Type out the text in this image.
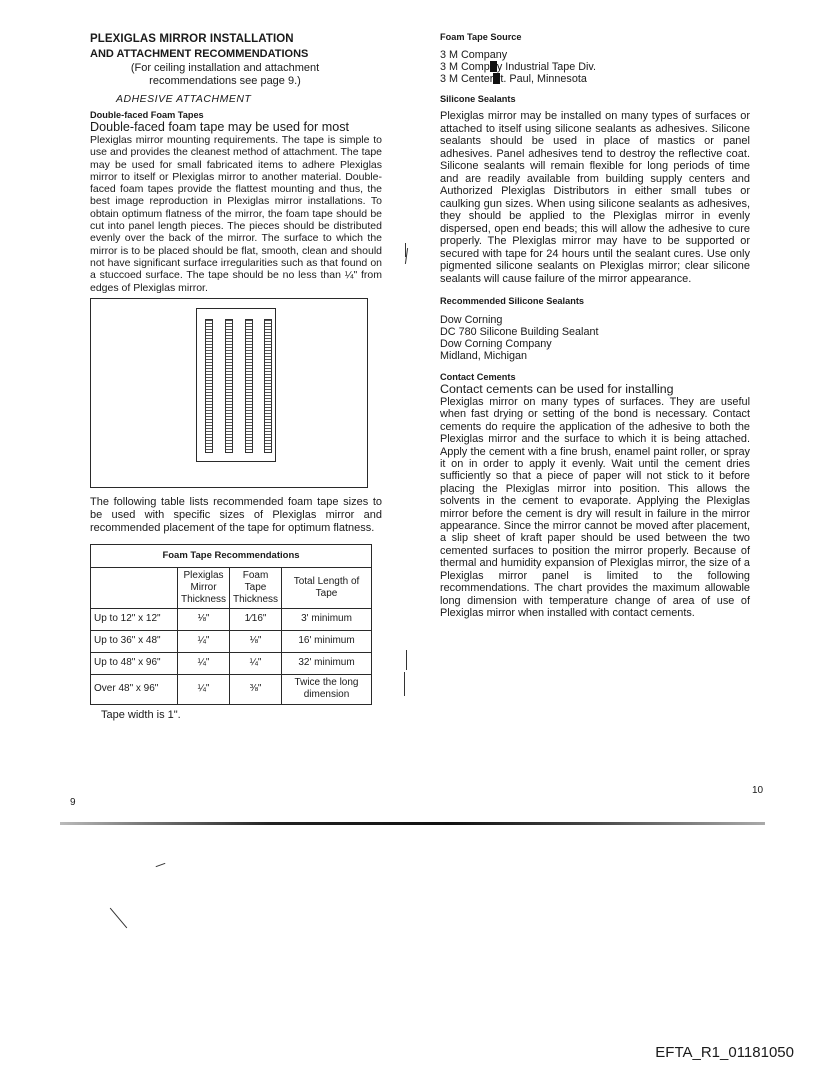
PLEXIGLAS MIRROR INSTALLATION
AND ATTACHMENT RECOMMENDATIONS
(For ceiling installation and attachment recommendations see page 9.)
ADHESIVE ATTACHMENT
Double-faced Foam Tapes

Double-faced foam tape may be used for most

Plexiglas mirror mounting requirements. The tape is simple to use and provides the cleanest method of attachment. The tape may be used for small fabricated items to adhere Plexiglas mirror to itself or Plexiglas mirror to another material. Double-faced foam tapes provide the flattest mounting and thus, the best image reproduction in Plexiglas mirror installations. To obtain optimum flatness of the mirror, the foam tape should be cut into panel length pieces. The pieces should be distributed evenly over the back of the mirror. The surface to which the mirror is to be placed should be flat, smooth, clean and should not have significant surface irregularities such as that found on a stuccoed surface. The tape should be no less than ¼" from edges of Plexiglas mirror.

The following table lists recommended foam tape sizes to be used with specific sizes of Plexiglas mirror and recommended placement of the tape for optimum flatness.

Foam Tape Recommendations			
	Plexiglas Mirror Thickness	Foam Tape Thickness	Total Length of Tape
Up to 12" x 12"	⅛"	1⁄16"	3' minimum
Up to 36" x 48"	¼"	⅛"	16' minimum
Up to 48" x 96"	¼"	¼"	32' minimum
Over 48" x 96"	¼"	⅜"	Twice the long dimension
Tape width is 1".
9
Foam Tape Source
3 M Company
3 M Comp y Industrial Tape Div.
3 M Center t. Paul, Minnesota
Silicone Sealants

Plexiglas mirror may be installed on many types of surfaces or attached to itself using silicone sealants as adhesives. Silicone sealants should be used in place of mastics or panel adhesives. Panel adhesives tend to destroy the reflective coat. Silicone sealants will remain flexible for long periods of time and are readily available from building supply centers and Authorized Plexiglas Distributors in either small tubes or caulking gun sizes. When using silicone sealants as adhesives, they should be applied to the Plexiglas mirror in evenly dispersed, open end beads; this will allow the adhesive to cure properly. The Plexiglas mirror may have to be supported or secured with tape for 24 hours until the sealant cures. Use only pigmented silicone sealants on Plexiglas mirror; clear silicone sealants will cause failure of the mirror appearance.

Recommended Silicone Sealants
Dow Corning
DC 780 Silicone Building Sealant
Dow Corning Company
Midland, Michigan
Contact Cements

Contact cements can be used for installing

Plexiglas mirror on many types of surfaces. They are useful when fast drying or setting of the bond is necessary. Contact cements do require the application of the adhesive to both the Plexiglas mirror and the surface to which it is being attached. Apply the cement with a fine brush, enamel paint roller, or spray it on in order to apply it evenly. Wait until the cement dries sufficiently so that a piece of paper will not stick to it before placing the Plexiglas mirror into position. This allows the solvents in the cement to evaporate. Applying the Plexiglas mirror before the cement is dry will result in failure in the mirror appearance. Since the mirror cannot be moved after placement, a slip sheet of kraft paper should be used between the two cemented surfaces to position the mirror properly. Because of thermal and humidity expansion of Plexiglas mirror, the size of a Plexiglas mirror panel is limited to the following recommendations. The chart provides the maximum allowable long dimension with temperature change of area of use of Plexiglas mirror when installed with contact cements.

10
EFTA_R1_01181050
